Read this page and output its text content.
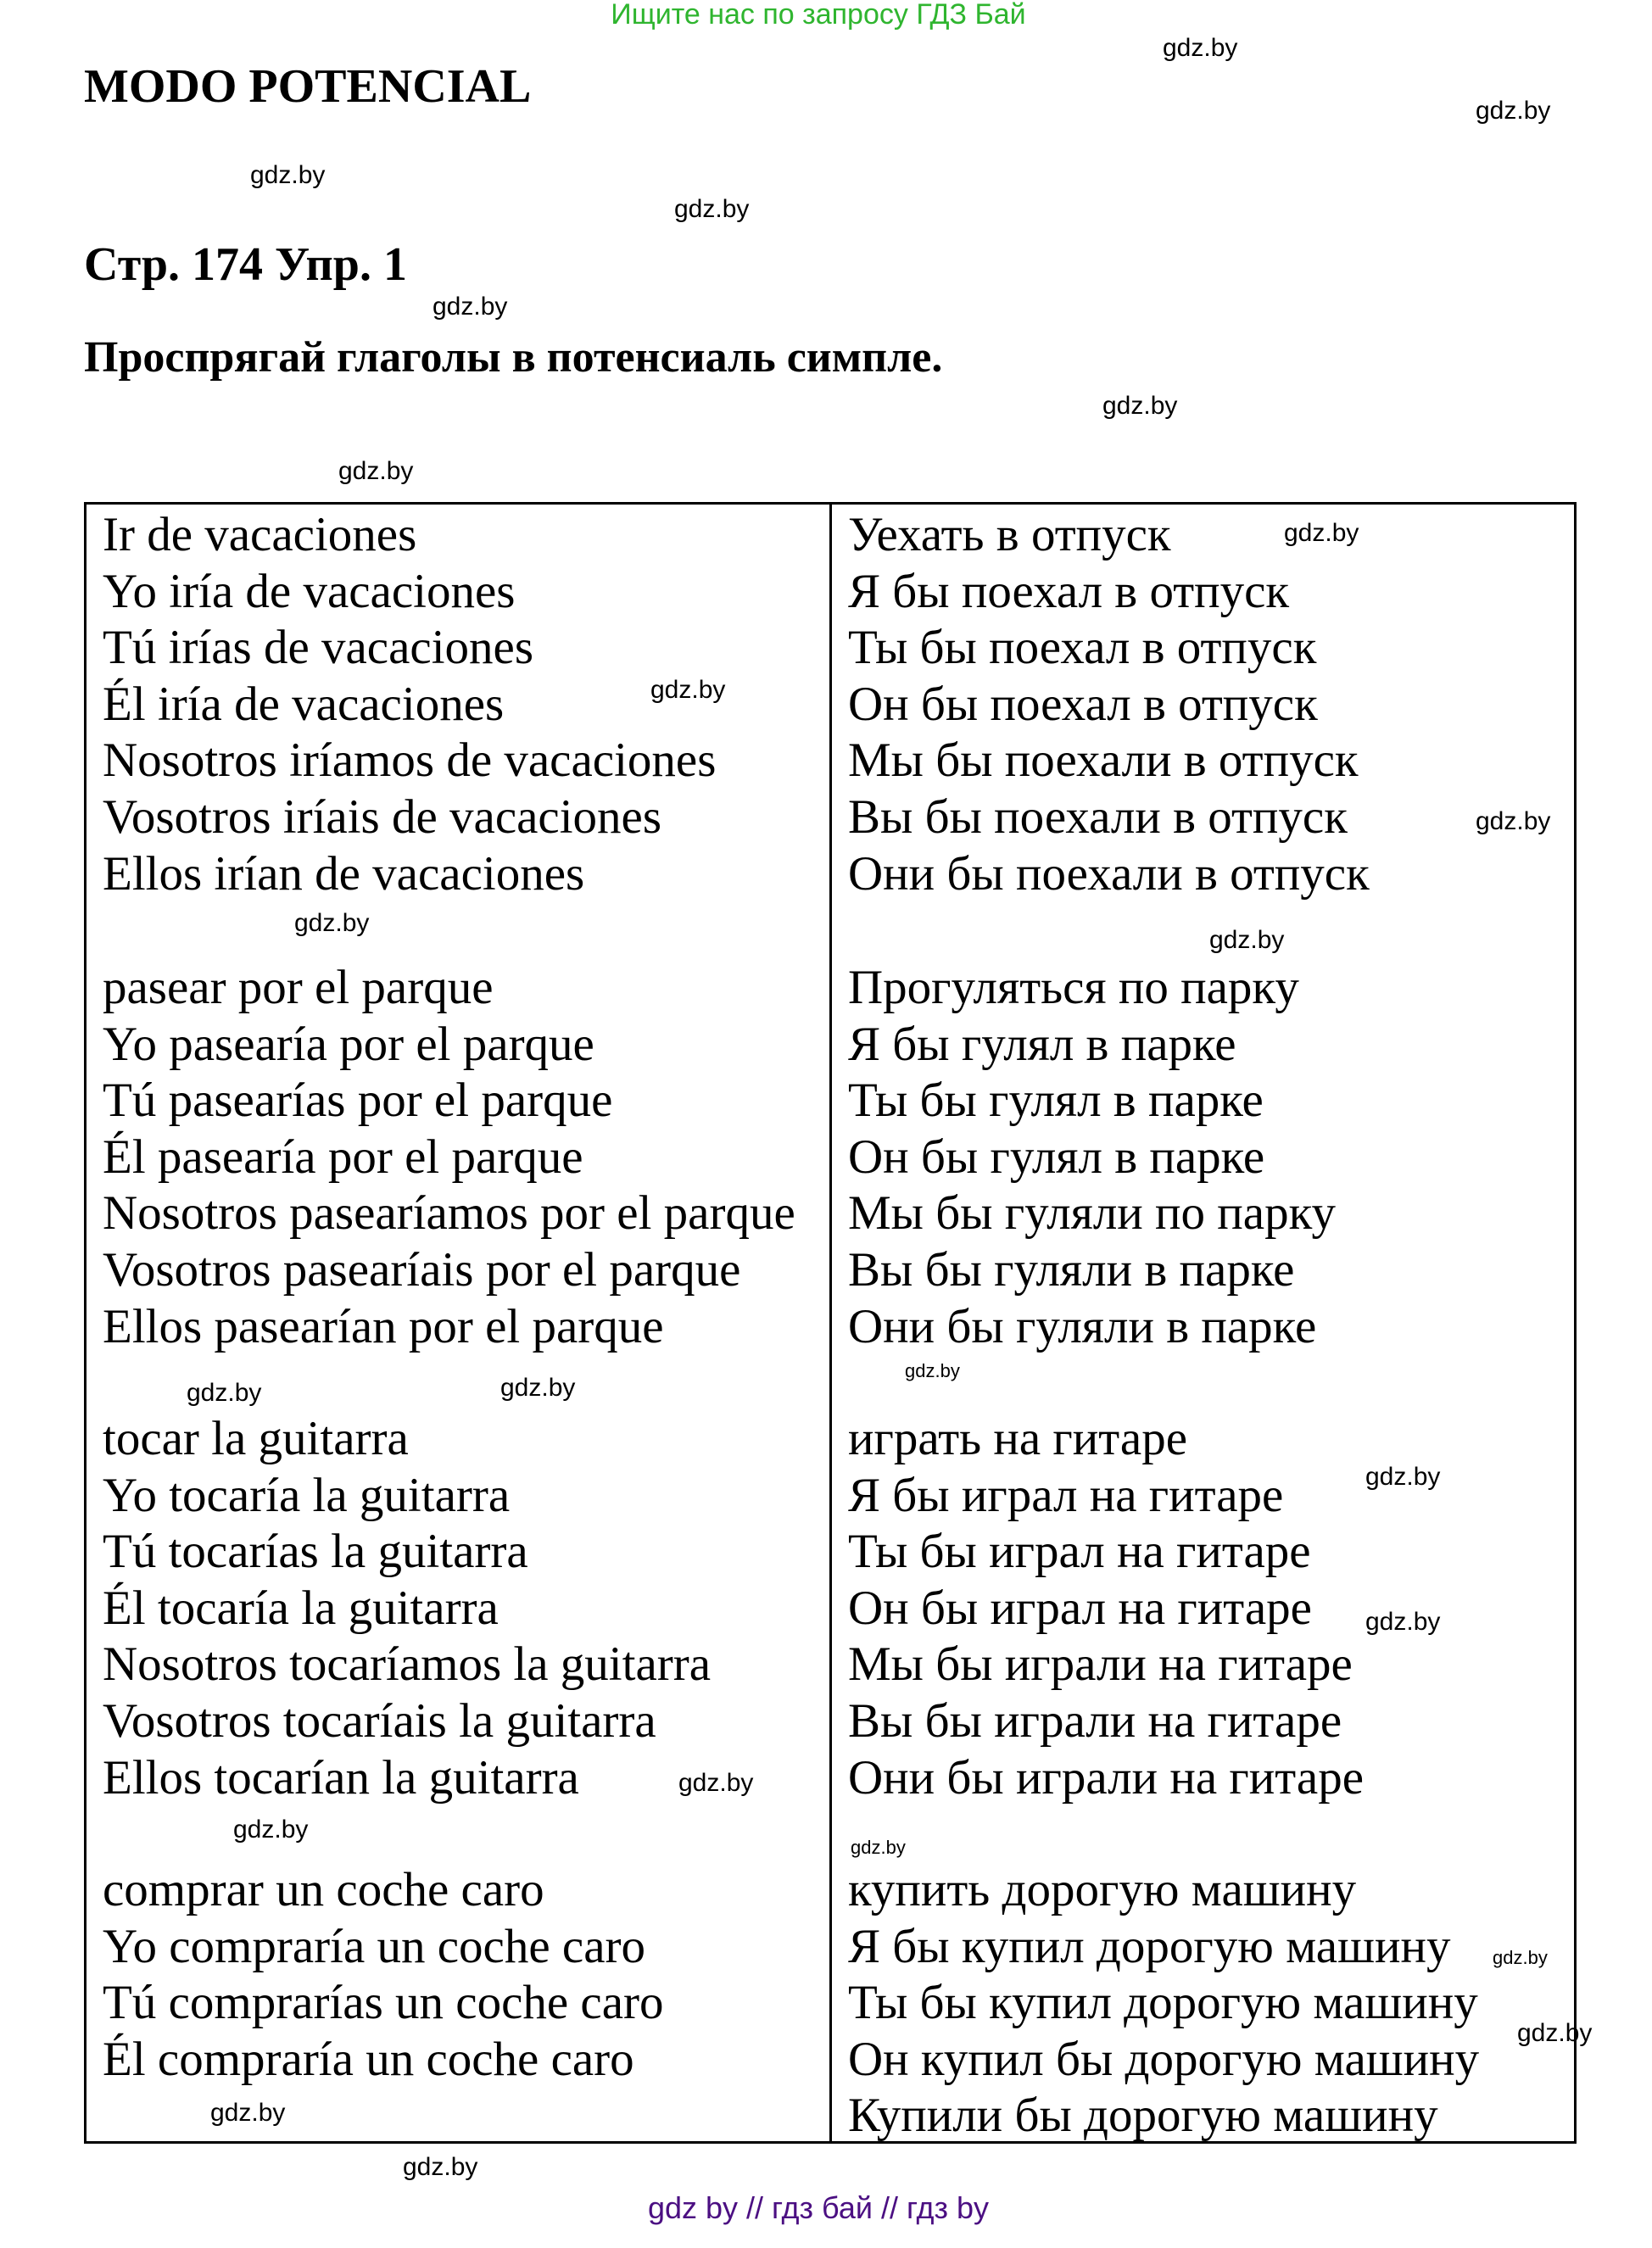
Ищите нас по запросу ГДЗ Бай
MODO POTENCIAL
Стр. 174 Упр. 1
Проспрягай глаголы в потенсиаль симпле.
Ir de vacaciones
Yo iría de vacaciones
Tú irías de vacaciones
Él iría de vacaciones
Nosotros iríamos de vacaciones
Vosotros iríais de vacaciones
Ellos irían de vacaciones
Уехать в отпуск
Я бы поехал в отпуск
Ты бы поехал в отпуск
Он бы поехал в отпуск
Мы бы поехали в отпуск
Вы бы поехали в отпуск
Они бы поехали в отпуск
pasear por el parque
Yo pasearía por el parque
Tú pasearías por el parque
Él pasearía por el parque
Nosotros pasearíamos por el parque
Vosotros pasearíais por el parque
Ellos pasearían por el parque
Прогуляться по парку
Я бы гулял в парке
Ты бы гулял в парке
Он бы гулял в парке
Мы бы гуляли по парку
Вы бы гуляли в парке
Они бы гуляли в парке
tocar la guitarra
Yo tocaría la guitarra
Tú tocarías la guitarra
Él tocaría la guitarra
Nosotros tocaríamos la guitarra
Vosotros tocaríais la guitarra
Ellos tocarían la guitarra
играть на гитаре
Я бы играл на гитаре
Ты бы играл на гитаре
Он бы играл на гитаре
Мы бы играли на гитаре
Вы бы играли на гитаре
Они бы играли на гитаре
comprar un coche caro
Yo compraría un coche caro
Tú comprarías un coche caro
Él compraría un coche caro
купить дорогую машину
Я бы купил дорогую машину
Ты бы купил дорогую машину
Он купил бы дорогую машину
Купили бы дорогую машину
gdz.by
gdz.by
gdz.by
gdz.by
gdz.by
gdz.by
gdz.by
gdz.by
gdz.by
gdz.by
gdz.by
gdz.by
gdz.by
gdz.by	gdz.by
gdz.by
gdz.by
gdz.by
gdz.by
gdz.by
gdz.by
gdz.by
gdz.by
gdz.by
gdz by // гдз бай // гдз by
